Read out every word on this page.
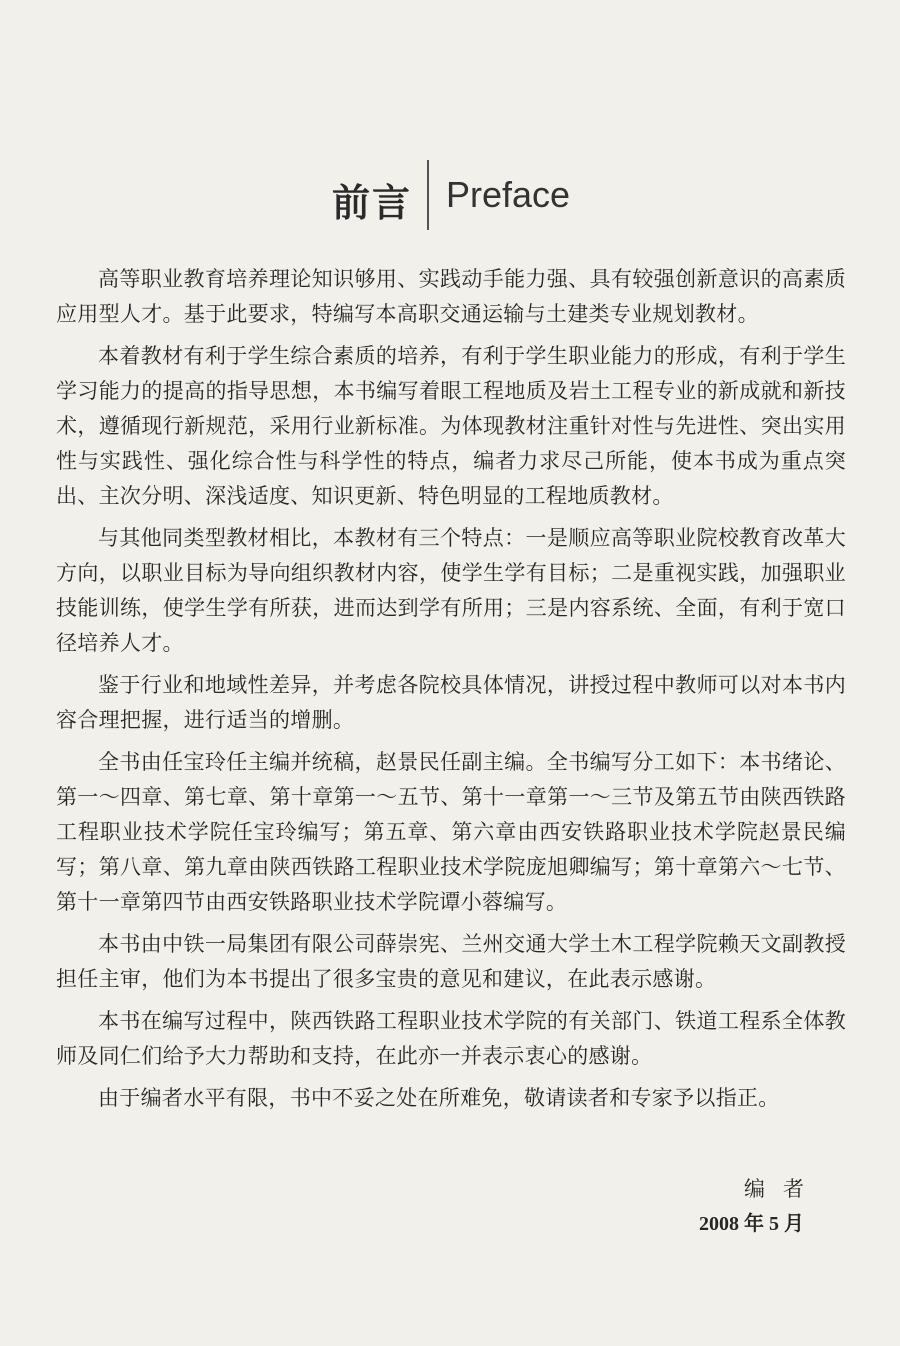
前言 Preface

高等职业教育培养理论知识够用、实践动手能力强、具有较强创新意识的高素质应用型人才。基于此要求，特编写本高职交通运输与土建类专业规划教材。

本着教材有利于学生综合素质的培养，有利于学生职业能力的形成，有利于学生学习能力的提高的指导思想，本书编写着眼工程地质及岩土工程专业的新成就和新技术，遵循现行新规范，采用行业新标准。为体现教材注重针对性与先进性、突出实用性与实践性、强化综合性与科学性的特点，编者力求尽己所能，使本书成为重点突出、主次分明、深浅适度、知识更新、特色明显的工程地质教材。

与其他同类型教材相比，本教材有三个特点：一是顺应高等职业院校教育改革大方向，以职业目标为导向组织教材内容，使学生学有目标；二是重视实践，加强职业技能训练，使学生学有所获，进而达到学有所用；三是内容系统、全面，有利于宽口径培养人才。

鉴于行业和地域性差异，并考虑各院校具体情况，讲授过程中教师可以对本书内容合理把握，进行适当的增删。

全书由任宝玲任主编并统稿，赵景民任副主编。全书编写分工如下：本书绪论、第一～四章、第七章、第十章第一～五节、第十一章第一～三节及第五节由陕西铁路工程职业技术学院任宝玲编写；第五章、第六章由西安铁路职业技术学院赵景民编写；第八章、第九章由陕西铁路工程职业技术学院庞旭卿编写；第十章第六～七节、第十一章第四节由西安铁路职业技术学院谭小蓉编写。

本书由中铁一局集团有限公司薛崇宪、兰州交通大学土木工程学院赖天文副教授担任主审，他们为本书提出了很多宝贵的意见和建议，在此表示感谢。

本书在编写过程中，陕西铁路工程职业技术学院的有关部门、铁道工程系全体教师及同仁们给予大力帮助和支持，在此亦一并表示衷心的感谢。

由于编者水平有限，书中不妥之处在所难免，敬请读者和专家予以指正。

编者
2008 年 5 月
